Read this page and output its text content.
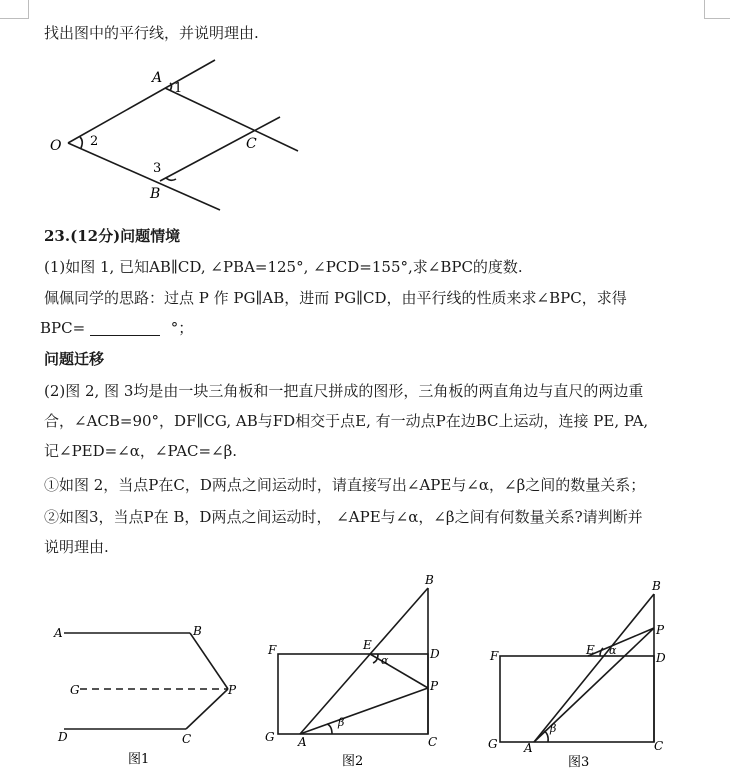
找出图中的平行线，并说明理由.
A
1
O 2	C
3
B
23.(12分)问题情境
(1)如图 1, 已知AB∥CD, ∠PBA=125°, ∠PCD=155°,求∠BPC的度数.
佩佩同学的思路：过点 P 作 PG∥AB，进而 PG∥CD，由平行线的性质来求∠BPC，求得
BPC=	°；
问题迁移
(2)图 2, 图 3均是由一块三角板和一把直尺拼成的图形，三角板的两直角边与直尺的两边重
合，∠ACB=90°，DF∥CG, AB与FD相交于点E, 有一动点P在边BC上运动，连接 PE, PA,
记∠PED=∠α，∠PAC=∠β.
①如图 2，当点P在C，D两点之间运动时，请直接写出∠APE与∠α，∠β之间的数量关系；
②如图3，当点P在 B，D两点之间运动时， ∠APE与∠α，∠β之间有何数量关系?请判断并
说明理由.
A	B
G	P
D	C
图1
B
F	E
D
α
P
β
G A	C
图2
B
P
F	E α
D
β
G A	C
图3
